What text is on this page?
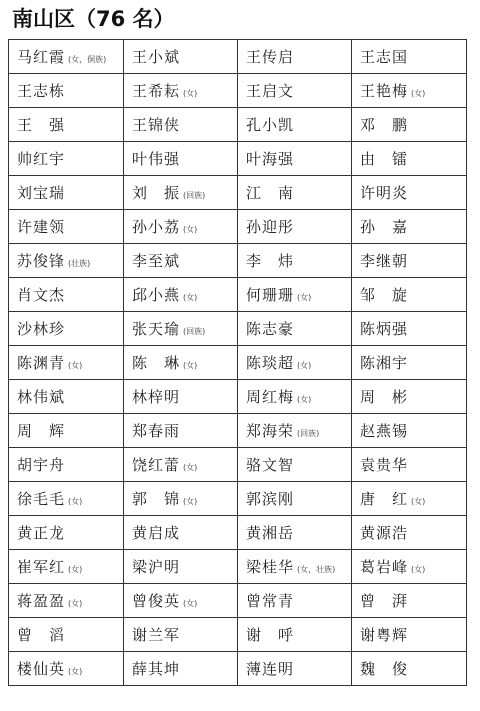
南山区（76 名）
马红霞 (女，侗族)	王小斌	王传启	王志国
王志栋	王希耘 (女)	王启文	王艳梅 (女)
王　强	王锦侠	孔小凯	邓　鹏
帅红宇	叶伟强	叶海强	由　镭
刘宝瑞	刘　振 (回族)	江　南	许明炎
许建领	孙小荔 (女)	孙迎彤	孙　嘉
苏俊锋 (壮族)	李至斌	李　炜	李继朝
肖文杰	邱小燕 (女)	何珊珊 (女)	邹　旋
沙林珍	张天瑜 (回族)	陈志豪	陈炳强
陈渊青 (女)	陈　琳 (女)	陈琰超 (女)	陈湘宇
林伟斌	林梓明	周红梅 (女)	周　彬
周　辉	郑春雨	郑海荣 (回族)	赵燕锡
胡宇舟	饶红蕾 (女)	骆文智	袁贵华
徐毛毛 (女)	郭　锦 (女)	郭滨刚	唐　红 (女)
黄正龙	黄启成	黄湘岳	黄源浩
崔军红 (女)	梁沪明	梁桂华 (女，壮族)	葛岩峰 (女)
蒋盈盈 (女)	曾俊英 (女)	曾常青	曾　湃
曾　滔	谢兰军	谢　呼	谢粤辉
楼仙英 (女)	薛其坤	薄连明	魏　俊
